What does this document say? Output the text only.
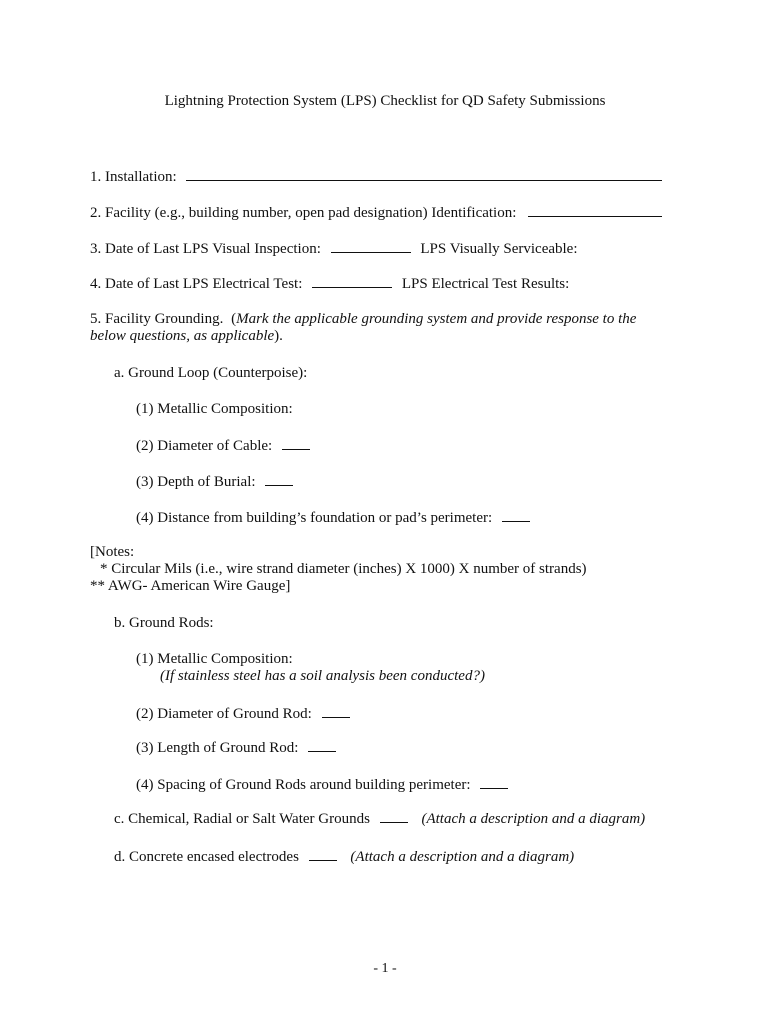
Lightning Protection System (LPS) Checklist for QD Safety Submissions
1. Installation:
2. Facility (e.g., building number, open pad designation) Identification:
3. Date of Last LPS Visual Inspection:	LPS Visually Serviceable:
4. Date of Last LPS Electrical Test:	LPS Electrical Test Results:
5. Facility Grounding. (Mark the applicable grounding system and provide response to the
below questions, as applicable).
a. Ground Loop (Counterpoise):
(1) Metallic Composition:
(2) Diameter of Cable:
(3) Depth of Burial:
(4) Distance from building’s foundation or pad’s perimeter:
[Notes:
* Circular Mils (i.e., wire strand diameter (inches) X 1000) X number of strands)
** AWG- American Wire Gauge]
b. Ground Rods:
(1) Metallic Composition:
(If stainless steel has a soil analysis been conducted?)
(2) Diameter of Ground Rod:
(3) Length of Ground Rod:
(4) Spacing of Ground Rods around building perimeter:
c. Chemical, Radial or Salt Water Grounds	(Attach a description and a diagram)
d. Concrete encased electrodes	(Attach a description and a diagram)
- 1 -
